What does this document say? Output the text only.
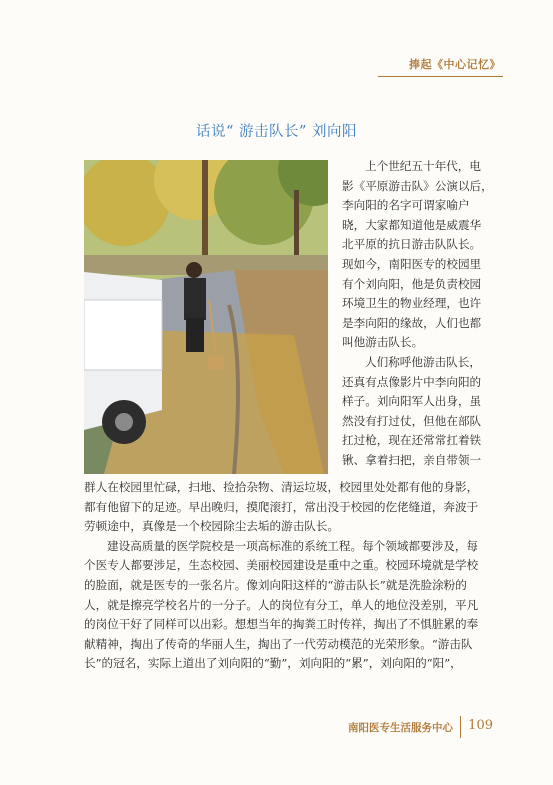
捧起《中心记忆》
话说“ 游击队长” 刘向阳
上个世纪五十年代，电
影《平原游击队》公演以后，
李向阳的名字可谓家喻户
晓，大家都知道他是威震华
北平原的抗日游击队队长。
现如今，南阳医专的校园里
有个刘向阳，他是负责校园
环境卫生的物业经理，也许
是李向阳的缘故，人们也都
叫他游击队长。
人们称呼他游击队长，
还真有点像影片中李向阳的
样子。刘向阳军人出身，虽
然没有打过仗，但他在部队
扛过枪，现在还常常扛着铁
锹、拿着扫把，亲自带领一
群人在校园里忙碌，扫地、捡拾杂物、清运垃圾，校园里处处都有他的身影，
都有他留下的足迹。早出晚归，摸爬滚打，常出没于校园的仡佬缝道，奔波于
劳顿途中，真像是一个校园除尘去垢的游击队长。
建设高质量的医学院校是一项高标准的系统工程。每个领域都要涉及，每
个医专人都要涉足，生态校园、美丽校园建设是重中之重。校园环境就是学校
的脸面，就是医专的一张名片。像刘向阳这样的“游击队长”就是洗脸涂粉的
人，就是擦亮学校名片的一分子。人的岗位有分工，单人的地位没差别，平凡
的岗位干好了同样可以出彩。想想当年的掏粪工时传祥，掏出了不惧脏累的奉
献精神，掏出了传奇的华丽人生，掏出了一代劳动模范的光荣形象。“游击队
长”的冠名，实际上道出了刘向阳的“勤”，刘向阳的“累”，刘向阳的“阳”，
南阳医专生活服务中心 109
